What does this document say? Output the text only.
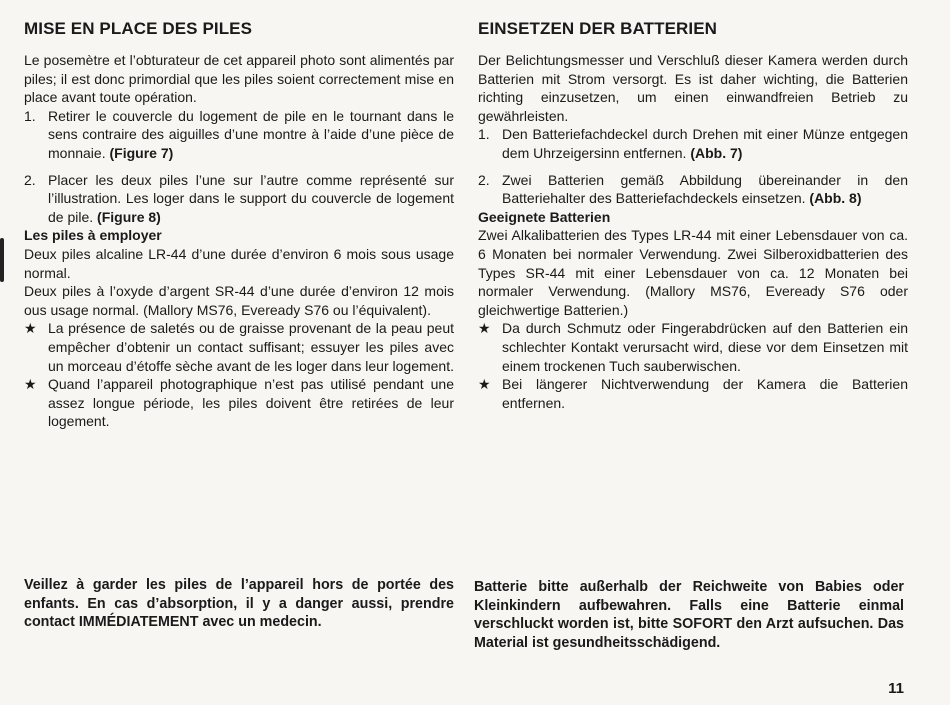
MISE EN PLACE DES PILES

Le posemètre et l’obturateur de cet appareil photo sont alimentés par piles; il est donc primordial que les piles soient correctement mise en place avant toute opération.

1. Retirer le couvercle du logement de pile en le tournant dans le sens contraire des aiguilles d’une montre à l’aide d’une pièce de monnaie. (Figure 7)
2. Placer les deux piles l’une sur l’autre comme représenté sur l’illustration. Les loger dans le support du couvercle de logement de pile. (Figure 8)

Les piles à employer

Deux piles alcaline LR-44 d’une durée d’environ 6 mois sous usage normal.

Deux piles à l’oxyde d’argent SR-44 d’une durée d’environ 12 mois ous usage normal. (Mallory MS76, Eveready S76 ou l’équivalent).

★ La présence de saletés ou de graisse provenant de la peau peut empêcher d’obtenir un contact suffisant; essuyer les piles avec un morceau d’étoffe sèche avant de les loger dans leur logement.
★ Quand l’appareil photographique n’est pas utilisé pendant une assez longue période, les piles doivent être retirées de leur logement.
EINSETZEN DER BATTERIEN

Der Belichtungsmesser und Verschluß dieser Kamera werden durch Batterien mit Strom versorgt. Es ist daher wichting, die Batterien richting einzusetzen, um einen einwandfreien Betrieb zu gewährleisten.

1. Den Batteriefachdeckel durch Drehen mit einer Münze entgegen dem Uhrzeigersinn entfernen. (Abb. 7)
2. Zwei Batterien gemäß Abbildung übereinander in den Batteriehalter des Batteriefachdeckels einsetzen. (Abb. 8)

Geeignete Batterien

Zwei Alkalibatterien des Types LR-44 mit einer Lebensdauer von ca. 6 Monaten bei normaler Verwendung. Zwei Silberoxidbatterien des Types SR-44 mit einer Lebensdauer von ca. 12 Monaten bei normaler Verwendung. (Mallory MS76, Eveready S76 oder gleichwertige Batterien.)

★ Da durch Schmutz oder Fingerabdrücken auf den Batterien ein schlechter Kontakt verursacht wird, diese vor dem Einsetzen mit einem trockenen Tuch sauberwischen.
★ Bei längerer Nichtverwendung der Kamera die Batterien entfernen.

Veillez à garder les piles de l’appareil hors de portée des enfants. En cas d’absorption, il y a danger aussi, prendre contact IMMÉDIATEMENT avec un medecin.

Batterie bitte außerhalb der Reichweite von Babies oder Kleinkindern aufbewahren. Falls eine Batterie einmal verschluckt worden ist, bitte SOFORT den Arzt aufsuchen. Das Material ist gesundheitsschädigend.

11
